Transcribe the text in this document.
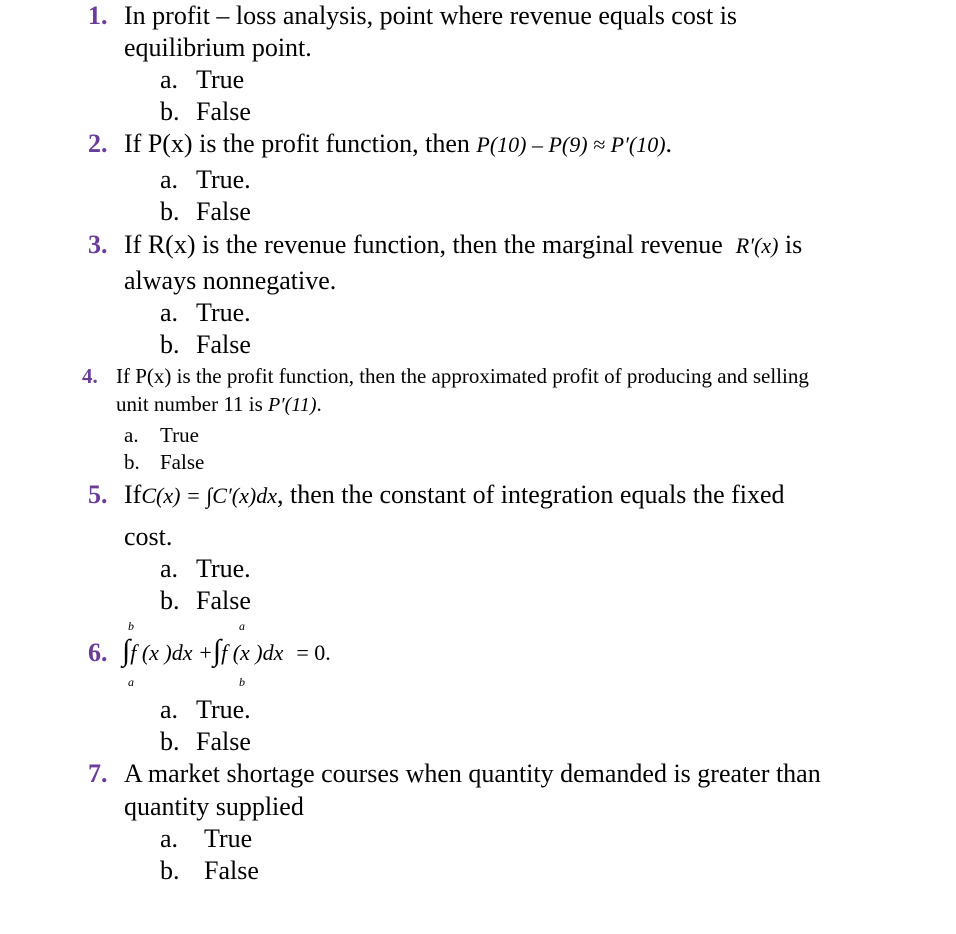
1. In profit – loss analysis, point where revenue equals cost is
equilibrium point.
a. True
b. False
2. If P(x) is the profit function, then P(10) – P(9) ≈ P′(10).
a. True.
b. False
3. If R(x) is the revenue function, then the marginal revenue R′(x) is
always nonnegative.
a. True.
b. False
4. If P(x) is the profit function, then the approximated profit of producing and selling
unit number 11 is P′(11).
a. True
b. False
5. IfC(x) = ∫C′(x)dx, then the constant of integration equals the fixed
cost.
a. True.
b. False
6.
b
a
a
b
∫f (x )dx +∫f (x )dx = 0.
a. True.
b. False
7. A market shortage courses when quantity demanded is greater than
quantity supplied
a. True
b. False
